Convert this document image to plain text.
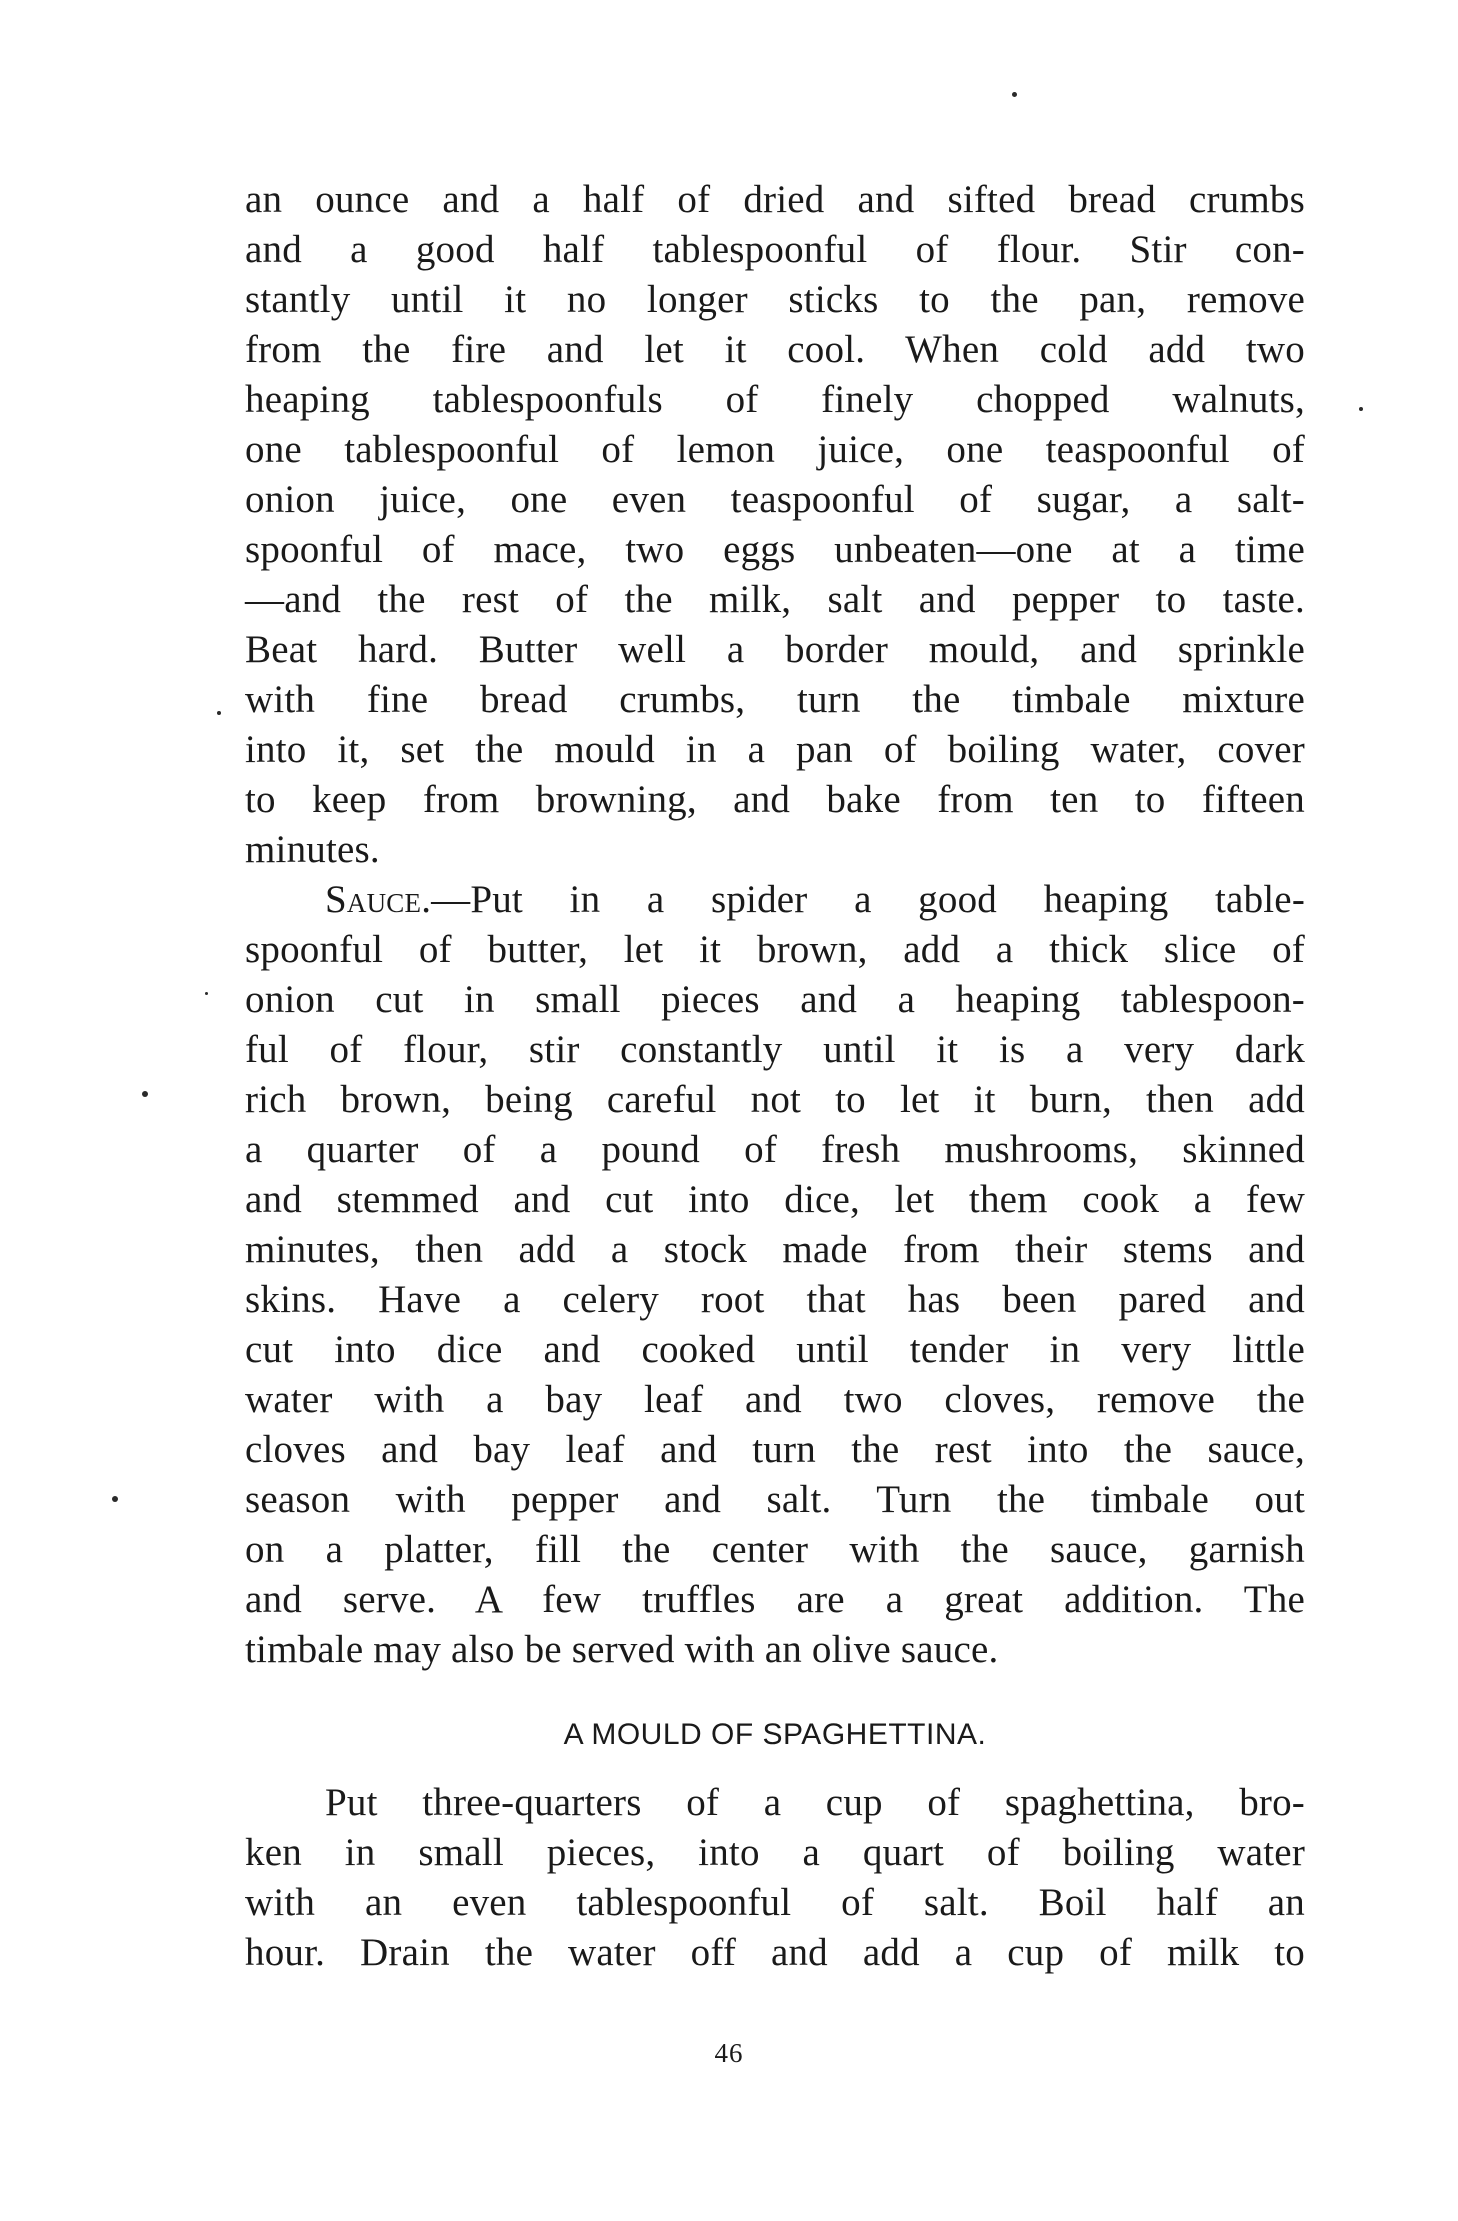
an ounce and a half of dried and sifted bread crumbs
and a good half tablespoonful of flour. Stir con-
stantly until it no longer sticks to the pan, remove
from the fire and let it cool. When cold add two
heaping tablespoonfuls of finely chopped walnuts,
one tablespoonful of lemon juice, one teaspoonful of
onion juice, one even teaspoonful of sugar, a salt-
spoonful of mace, two eggs unbeaten—one at a time
—and the rest of the milk, salt and pepper to taste.
Beat hard. Butter well a border mould, and sprinkle
with fine bread crumbs, turn the timbale mixture
into it, set the mould in a pan of boiling water, cover
to keep from browning, and bake from ten to fifteen
minutes.
Sauce.—Put in a spider a good heaping table-
spoonful of butter, let it brown, add a thick slice of
onion cut in small pieces and a heaping tablespoon-
ful of flour, stir constantly until it is a very dark
rich brown, being careful not to let it burn, then add
a quarter of a pound of fresh mushrooms, skinned
and stemmed and cut into dice, let them cook a few
minutes, then add a stock made from their stems and
skins. Have a celery root that has been pared and
cut into dice and cooked until tender in very little
water with a bay leaf and two cloves, remove the
cloves and bay leaf and turn the rest into the sauce,
season with pepper and salt. Turn the timbale out
on a platter, fill the center with the sauce, garnish
and serve. A few truffles are a great addition. The
timbale may also be served with an olive sauce.
A MOULD OF SPAGHETTINA.
Put three-quarters of a cup of spaghettina, bro-
ken in small pieces, into a quart of boiling water
with an even tablespoonful of salt. Boil half an
hour. Drain the water off and add a cup of milk to
46
